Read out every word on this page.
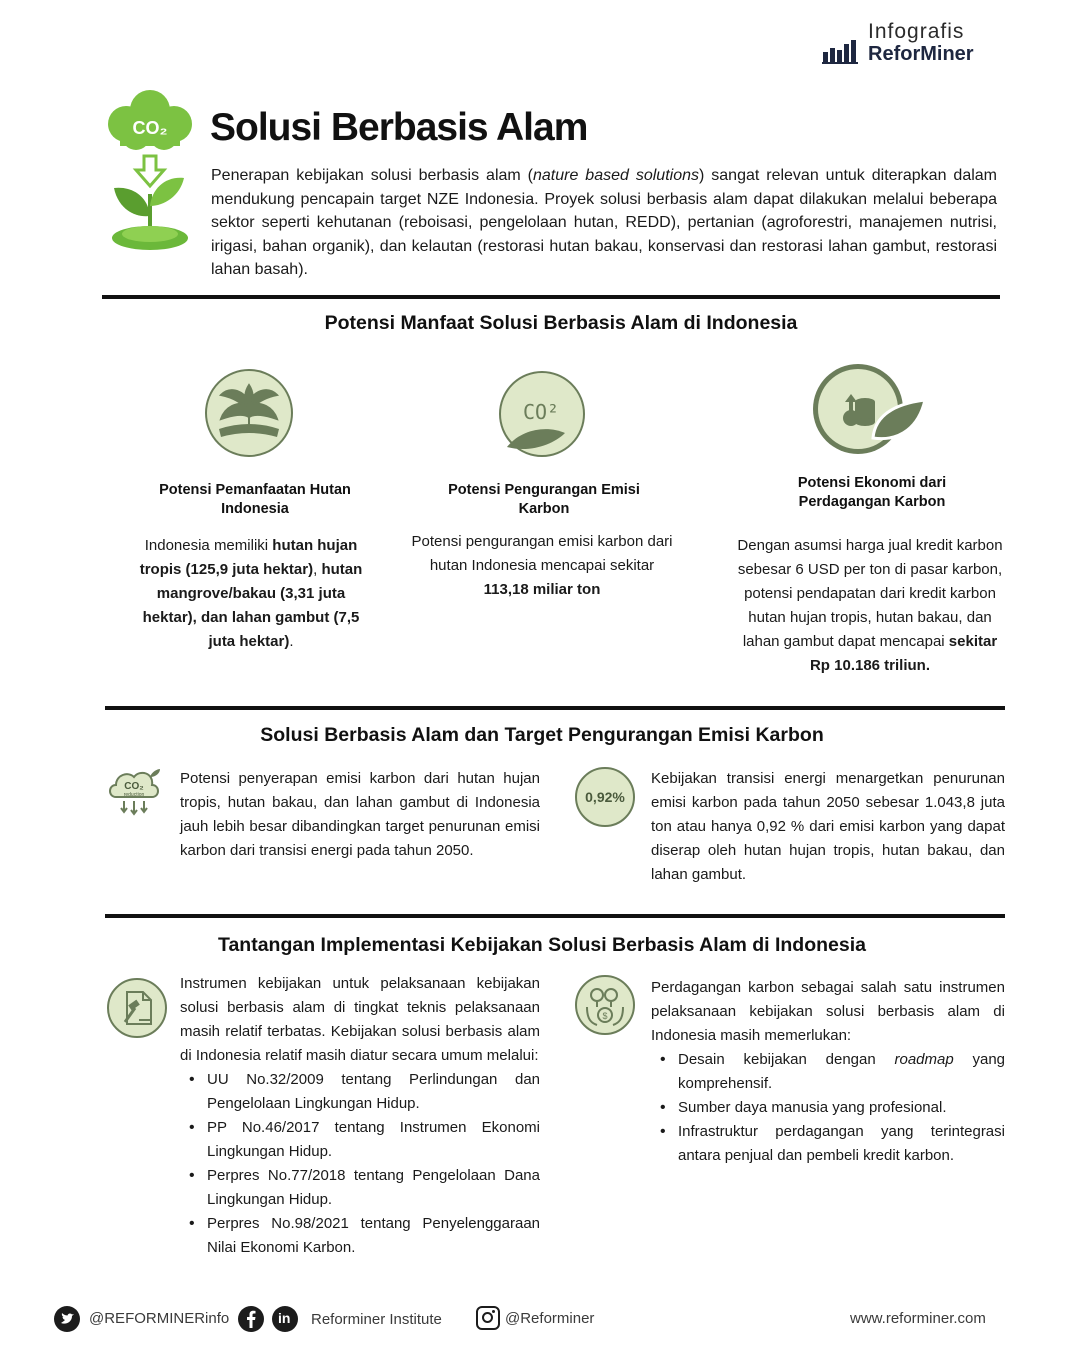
Infografis
ReforMiner
CO₂ Solusi Berbasis Alam

Penerapan kebijakan solusi berbasis alam (nature based solutions) sangat relevan untuk diterapkan dalam mendukung pencapain target NZE Indonesia. Proyek solusi berbasis alam dapat dilakukan melalui beberapa sektor seperti kehutanan (reboisasi, pengelolaan hutan, REDD), pertanian (agroforestri, manajemen nutrisi, irigasi, bahan organik), dan kelautan (restorasi hutan bakau, konservasi dan restorasi lahan gambut, restorasi lahan basah).

Potensi Manfaat Solusi Berbasis Alam di Indonesia
CO²
Potensi Pemanfaatan Hutan Indonesia
Potensi Pengurangan Emisi Karbon
Potensi Ekonomi dari Perdagangan Karbon
Indonesia memiliki hutan hujan tropis (125,9 juta hektar), hutan mangrove/bakau (3,31 juta hektar), dan lahan gambut (7,5 juta hektar).
Potensi pengurangan emisi karbon dari hutan Indonesia mencapai sekitar
113,18 miliar ton
Dengan asumsi harga jual kredit karbon sebesar 6 USD per ton di pasar karbon, potensi pendapatan dari kredit karbon hutan hujan tropis, hutan bakau, dan lahan gambut dapat mencapai sekitar Rp 10.186 triliun.
Solusi Berbasis Alam dan Target Pengurangan Emisi Karbon
CO₂
reduction

Potensi penyerapan emisi karbon dari hutan hujan tropis, hutan bakau, dan lahan gambut di Indonesia jauh lebih besar dibandingkan target penurunan emisi karbon dari transisi energi pada tahun 2050.

0,92%

Kebijakan transisi energi menargetkan penurunan emisi karbon pada tahun 2050 sebesar 1.043,8 juta ton atau hanya 0,92 % dari emisi karbon yang dapat diserap oleh hutan hujan tropis, hutan bakau, dan lahan gambut.

Tantangan Implementasi Kebijakan Solusi Berbasis Alam di Indonesia

Instrumen kebijakan untuk pelaksanaan kebijakan solusi berbasis alam di tingkat teknis pelaksanaan masih relatif terbatas. Kebijakan solusi berbasis alam di Indonesia relatif masih diatur secara umum melalui:

• UU No.32/2009 tentang Perlindungan dan Pengelolaan Lingkungan Hidup.
• PP No.46/2017 tentang Instrumen Ekonomi Lingkungan Hidup.
• Perpres No.77/2018 tentang Pengelolaan Dana Lingkungan Hidup.
• Perpres No.98/2021 tentang Penyelenggaraan Nilai Ekonomi Karbon.
$

Perdagangan karbon sebagai salah satu instrumen pelaksanaan kebijakan solusi berbasis alam di Indonesia masih memerlukan:

• Desain kebijakan dengan roadmap yang komprehensif.
• Sumber daya manusia yang profesional.
• Infrastruktur perdagangan yang terintegrasi antara penjual dan pembeli kredit karbon.
@REFORMINERinfo	in Reforminer Institute	@Reforminer	www.reforminer.com
